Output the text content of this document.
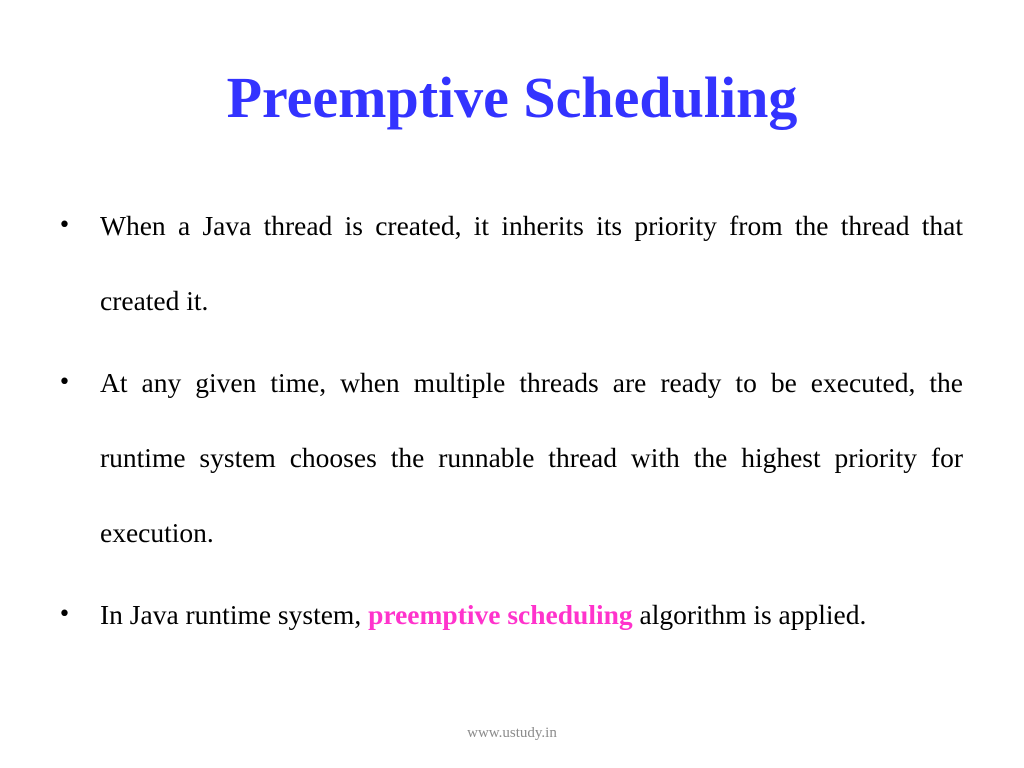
Preemptive Scheduling
• When a Java thread is created, it inherits its priority from the thread that created it.
• At any given time, when multiple threads are ready to be executed, the runtime system chooses the runnable thread with the highest priority for execution.
• In Java runtime system, preemptive scheduling algorithm is applied.
www.ustudy.in
